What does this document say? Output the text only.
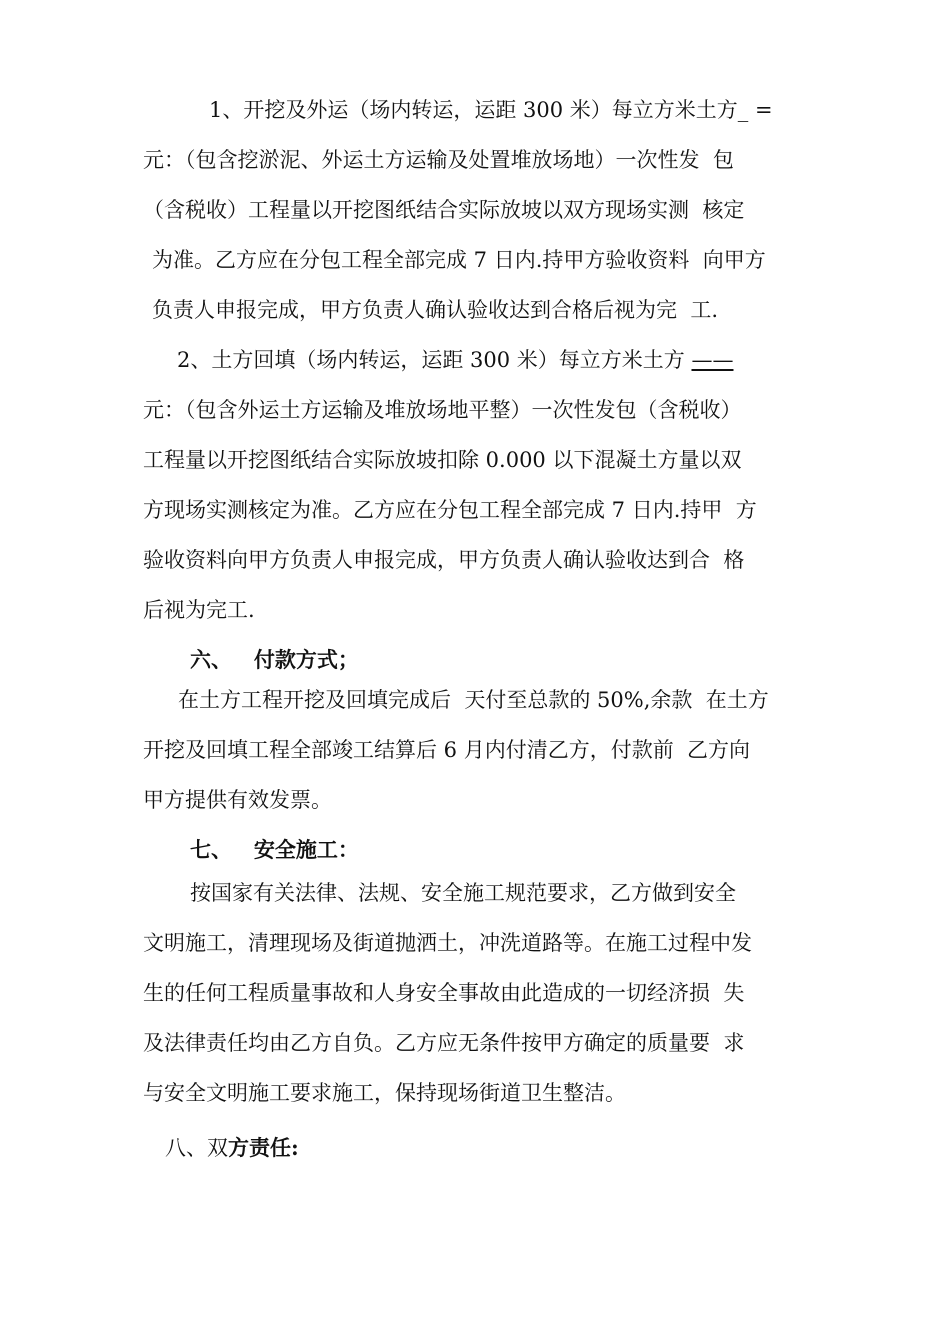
1、开挖及外运（场内转运，运距 300 米）每立方米土方_ =

元：（包含挖淤泥、外运土方运输及处置堆放场地）一次性发  包

（含税收）工程量以开挖图纸结合实际放坡以双方现场实测  核定

为准。乙方应在分包工程全部完成 7 日内.持甲方验收资料  向甲方

负责人申报完成，甲方负责人确认验收达到合格后视为完  工.

2、土方回填（场内转运，运距 300 米）每立方米土方 ——

元：（包含外运土方运输及堆放场地平整）一次性发包（含税收）

工程量以开挖图纸结合实际放坡扣除 0.000 以下混凝土方量以双

方现场实测核定为准。乙方应在分包工程全部完成 7 日内.持甲  方

验收资料向甲方负责人申报完成，甲方负责人确认验收达到合  格

后视为完工.

六、   付款方式；

在土方工程开挖及回填完成后  天付至总款的 50%,余款  在土方

开挖及回填工程全部竣工结算后 6 月内付清乙方，付款前  乙方向

甲方提供有效发票。

七、   安全施工：

按国家有关法律、法规、安全施工规范要求，乙方做到安全

文明施工，清理现场及街道抛洒土，冲洗道路等。在施工过程中发

生的任何工程质量事故和人身安全事故由此造成的一切经济损  失

及法律责任均由乙方自负。乙方应无条件按甲方确定的质量要  求

与安全文明施工要求施工，保持现场街道卫生整洁。

八、双方责任:
